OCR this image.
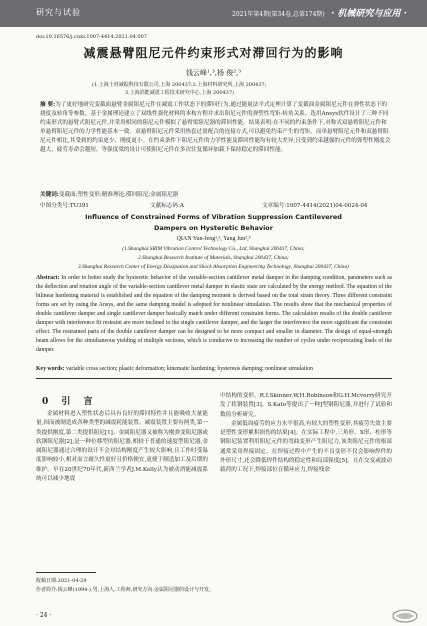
研究与试验	2021年第4期(第34卷,总第174期) · 机械研究与应用 ·
doi:10.16576/j.cnki.1007-4414.2021.04.007
减震悬臂阻尼元件约束形式对滞回行为的影响
钱云峰¹,³,杨 俊²,³
(1.上海土材减振科技有限公司,上海 200437;2.上海材料研究所,上海 200437;
3.上海消能减震工程技术研究中心,上海 200437)
摘 要:为了更好地研究变截面悬臂金属阻尼元件在减震工作状态下的滞回行为,通过能量法平式定理计算了变截面金属阻尼元件在弹性状态下的挠度及转角等参数。基于金属理论建立了双线性强化材料的本构方程并求出阻尼元件的弹塑性弯矩-转角关系。选用Ansys软件设计了三种不同约束形式的悬臂式阻尼元件,并采用相同的阻尼元件模拟了悬臂梁阻尼器的滞回性能。结果表明:在不同的约束条件下,对称式双悬臂阻尼元件和单悬臂阻尼元件的力学性能基本一致。双悬臂阻尼元件采用热套过盈配合的连接方式,可以避免约束产生的弯矩。而单悬臂阻尼元件和双悬臂阻尼元件相比,其受到的约束更少、刚度更小。在约束条件下阻尼元件的力学性能及滞回性能均有较大差异,且受到约束越强的元件的弹塑性刚度会越大、疲劳寿命会越短。等强度梁的设计可使阻尼元件在多次往复循环加载下保持稳定的滞回性能。
关键词:变截面;塑性变形;精准理论;滞回阻尼;金属阻尼器
中图分类号:TU391	文献标志码:A	文章编号:1007-4414(2021)04-0024-04
Influence of Constrained Forms of Vibration Suppression Cantilevered
Dampers on Hysteretic Behavior
QIAN Yun-feng¹,³, Yang Jun²,³
(1.Shanghai SRIM Vibration Control Technology Co., Ltd, Shanghai 200437, China;
2.Shanghai Research Institute of Materials, Shanghai 200437, China;
3.Shanghai Research Center of Energy Dissipation and Shock Absorption Engineering Technology, Shanghai 200437, China)
Abstract: In order to better study the hysteretic behavior of the variable-section cantilever metal damper in the damping condition, parameters such as the deflection and rotation angle of the variable-section cantilever metal damper in elastic state are calculated by the energy method. The equation of the bilinear hardening material is established and the equation of the damping moment is derived based on the total strain theory. Three different constraint forms are set by using the Ansys, and the same damping model is adopted for nonlinear simulation. The results show that the mechanical properties of double cantilever damper and single cantilever damper basically match under different constraint forms. The calculation results of the double cantilever damper with interference fit restraint are more inclined to the single cantilever damper, and the larger the interference the more significant the constraint effect. The restrained parts of the double cantilever damper can be designed to be more compact and smaller in diameter. The design of equal-strength beam allows for the simultaneous yielding of multiple sections, which is conducive to increasing the number of cycles under reciprocating loads of the damper.
Key words: variable cross section; plastic deformation; kinematic hardening; hysteresis damping; nonlinear simulation
0 引 言

金属材料进入塑性状态后具有良好的滞回特性并且能吸收大量能量,因而被制造成各种类型的减震耗能装置。减震装置主要有两类,第一类提供刚度,第二类提供阻尼[1]。金属阻尼器又被称为刚弹变阻尼器或软钢阻尼器[2],是一种位移型的阻尼器,相较于普通的速度型阻尼器,金属阻尼器通过合理的设计不会对结构刚度产生较大影响,且工作时受温度影响较小,相对而言耐久性更好且价格便宜,更便于制造加工及后期的维护。早在20世纪70年代,新西兰学者J.M.Kelly认为被动消能减震系统可以减少地震

中结构的变形。R.I.Skinner,W.H.Robinson和G.H.Mcverry研究开发了软钢装置[3]。S.Kato等提出了一种J型钢阻尼器,并进行了试验和数值分析研究。

金属低周疲劳的应力水平很高,有较大的塑性变形,其疲劳失效主要是塑性变形累积损伤的结果[4]。在实际工程中,三角形、X形、柱形等钢阻尼装置利用阻尼元件的弯曲变形产生阻尼力,该类阻尼元件的根部通常采用焊接固定。在焊接过程中产生的不良变形不仅会影响焊件的外形尺寸,还会降低焊件结构的稳定性和局部强度[5]。且在交变或波动载荷的工况下,焊接部位在循环应力,焊接残余

收稿日期:2021-04-29
作者简介:钱云峰(1994-),男,上海人,工程师,研究方向:金属阻尼器的设计与开发。
· 24 ·
